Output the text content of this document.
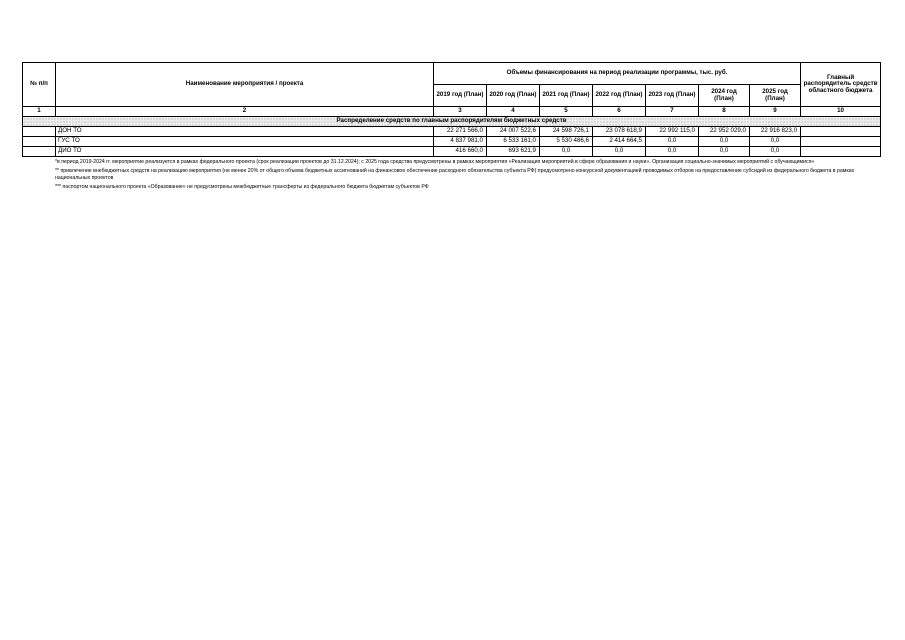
№ п/п	Наименование мероприятия / проекта	Объемы финансирования на период реализации программы, тыс. руб.							Главный распорядитель средств областного бюджета
		2019 год (План)	2020 год (План)	2021 год (План)	2022 год (План)	2023 год (План)	2024 год (План)	2025 год (План)	
1	2	3	4	5	6	7	8	9	10
Распределение средств по главным распорядителям бюджетных средств									
	ДОН ТО	22 271 566,0	24 007 522,6	24 598 726,1	23 078 618,9	22 992 115,0	22 952 029,0	22 916 823,0	
	ГУС ТО	4 837 981,0	6 533 161,0	5 530 486,6	2 414 664,5	0,0	0,0	0,0	
	ДИО ТО	416 660,0	693 621,9	0,0	0,0	0,0	0,0	0,0	

*в период 2019-2024 гг. мероприятие реализуется в рамках федерального проекта (срок реализации проектов до 31.12.2024); с 2025 года средства предусмотрены в рамках мероприятия «Реализация мероприятий в сфере образования и науки». Организация социально-значимых мероприятий с обучающимися»

** привлечение внебюджетных средств на реализацию мероприятия (не менее 20% от общего объема бюджетных ассигнований на финансовое обеспечение расходного обязательства субъекта РФ) предусмотрено конкурсной документацией проводимых отборов на предоставление субсидий из федерального бюджета в рамках национальных проектов

*** паспортом национального проекта «Образование» не предусмотрены межбюджетные трансферты из федерального бюджета бюджетам субъектов РФ
